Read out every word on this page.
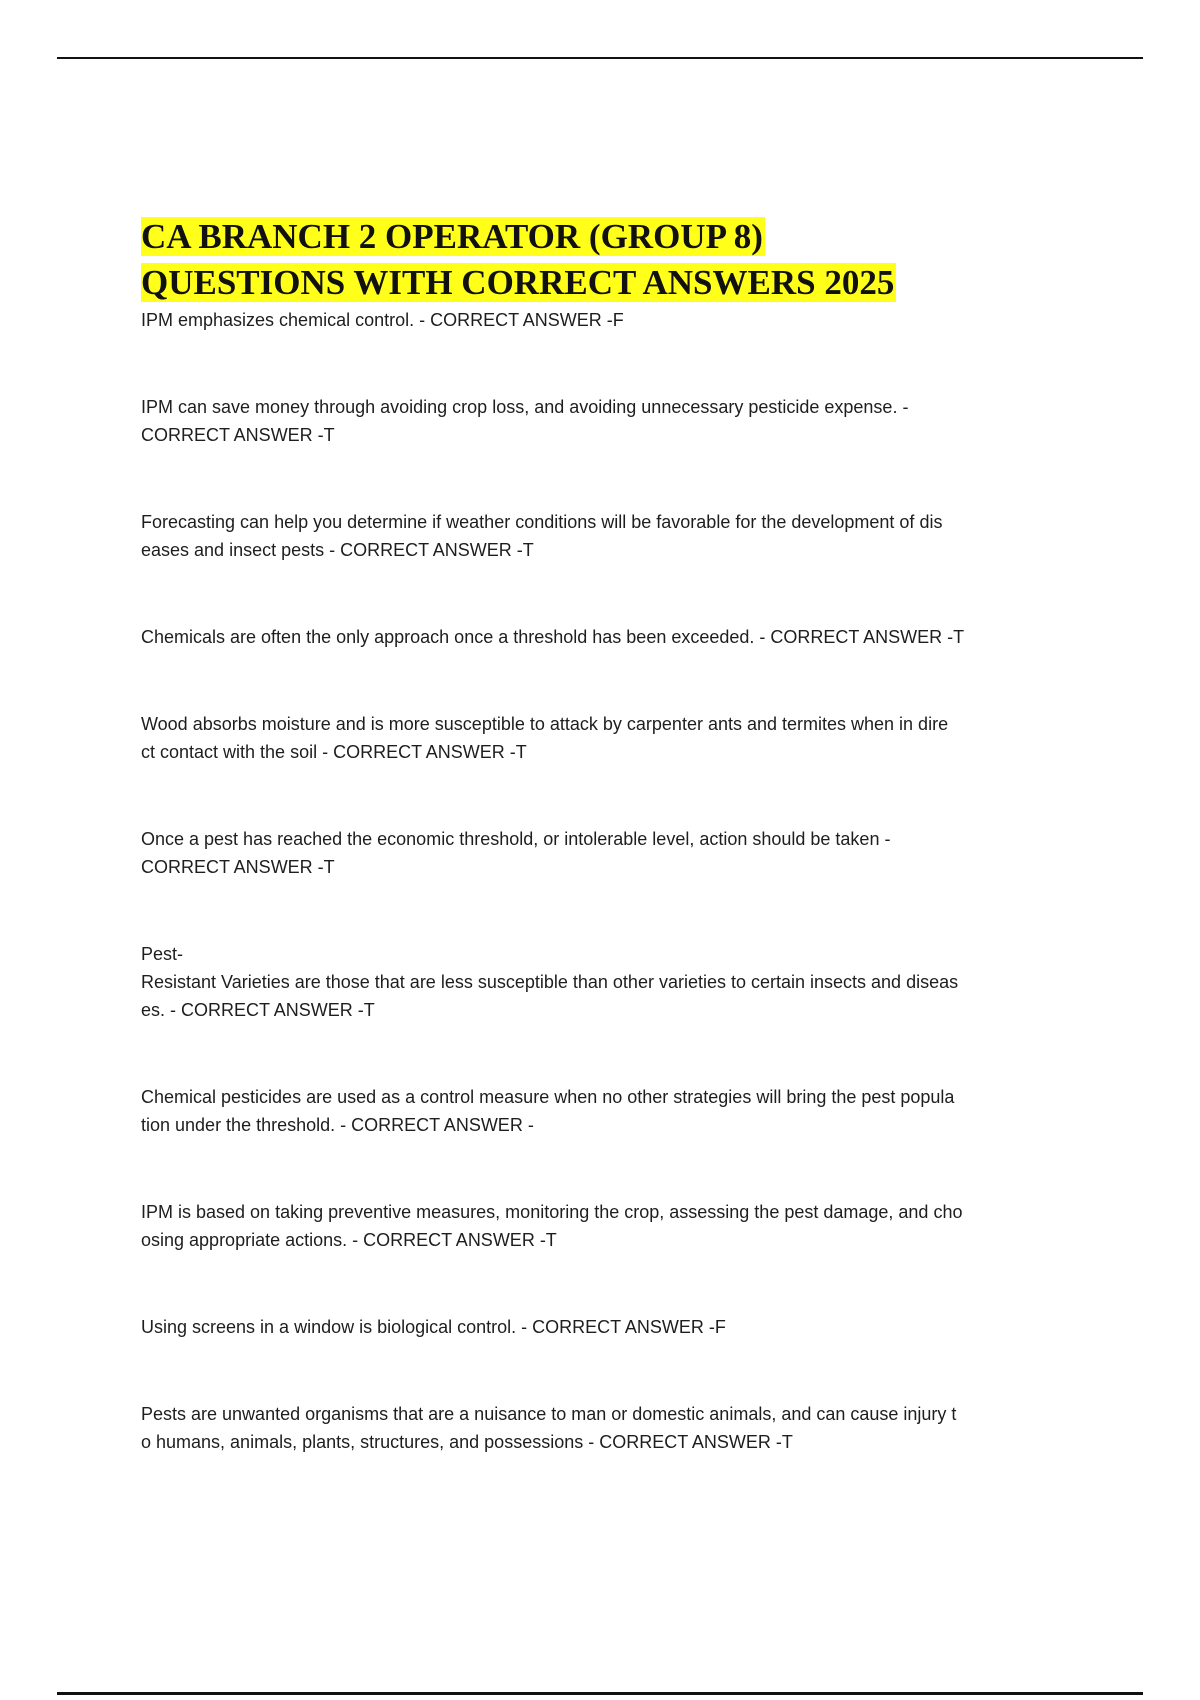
CA BRANCH 2 OPERATOR (GROUP 8)
QUESTIONS WITH CORRECT ANSWERS 2025
IPM emphasizes chemical control. - CORRECT ANSWER -F
IPM can save money through avoiding crop loss, and avoiding unnecessary pesticide expense. -
CORRECT ANSWER -T
Forecasting can help you determine if weather conditions will be favorable for the development of dis
eases and insect pests - CORRECT ANSWER -T
Chemicals are often the only approach once a threshold has been exceeded. - CORRECT ANSWER -T
Wood absorbs moisture and is more susceptible to attack by carpenter ants and termites when in dire
ct contact with the soil - CORRECT ANSWER -T
Once a pest has reached the economic threshold, or intolerable level, action should be taken -
CORRECT ANSWER -T
Pest-
Resistant Varieties are those that are less susceptible than other varieties to certain insects and diseas
es. - CORRECT ANSWER -T
Chemical pesticides are used as a control measure when no other strategies will bring the pest popula
tion under the threshold. - CORRECT ANSWER -
IPM is based on taking preventive measures, monitoring the crop, assessing the pest damage, and cho
osing appropriate actions. - CORRECT ANSWER -T
Using screens in a window is biological control. - CORRECT ANSWER -F
Pests are unwanted organisms that are a nuisance to man or domestic animals, and can cause injury t
o humans, animals, plants, structures, and possessions - CORRECT ANSWER -T
